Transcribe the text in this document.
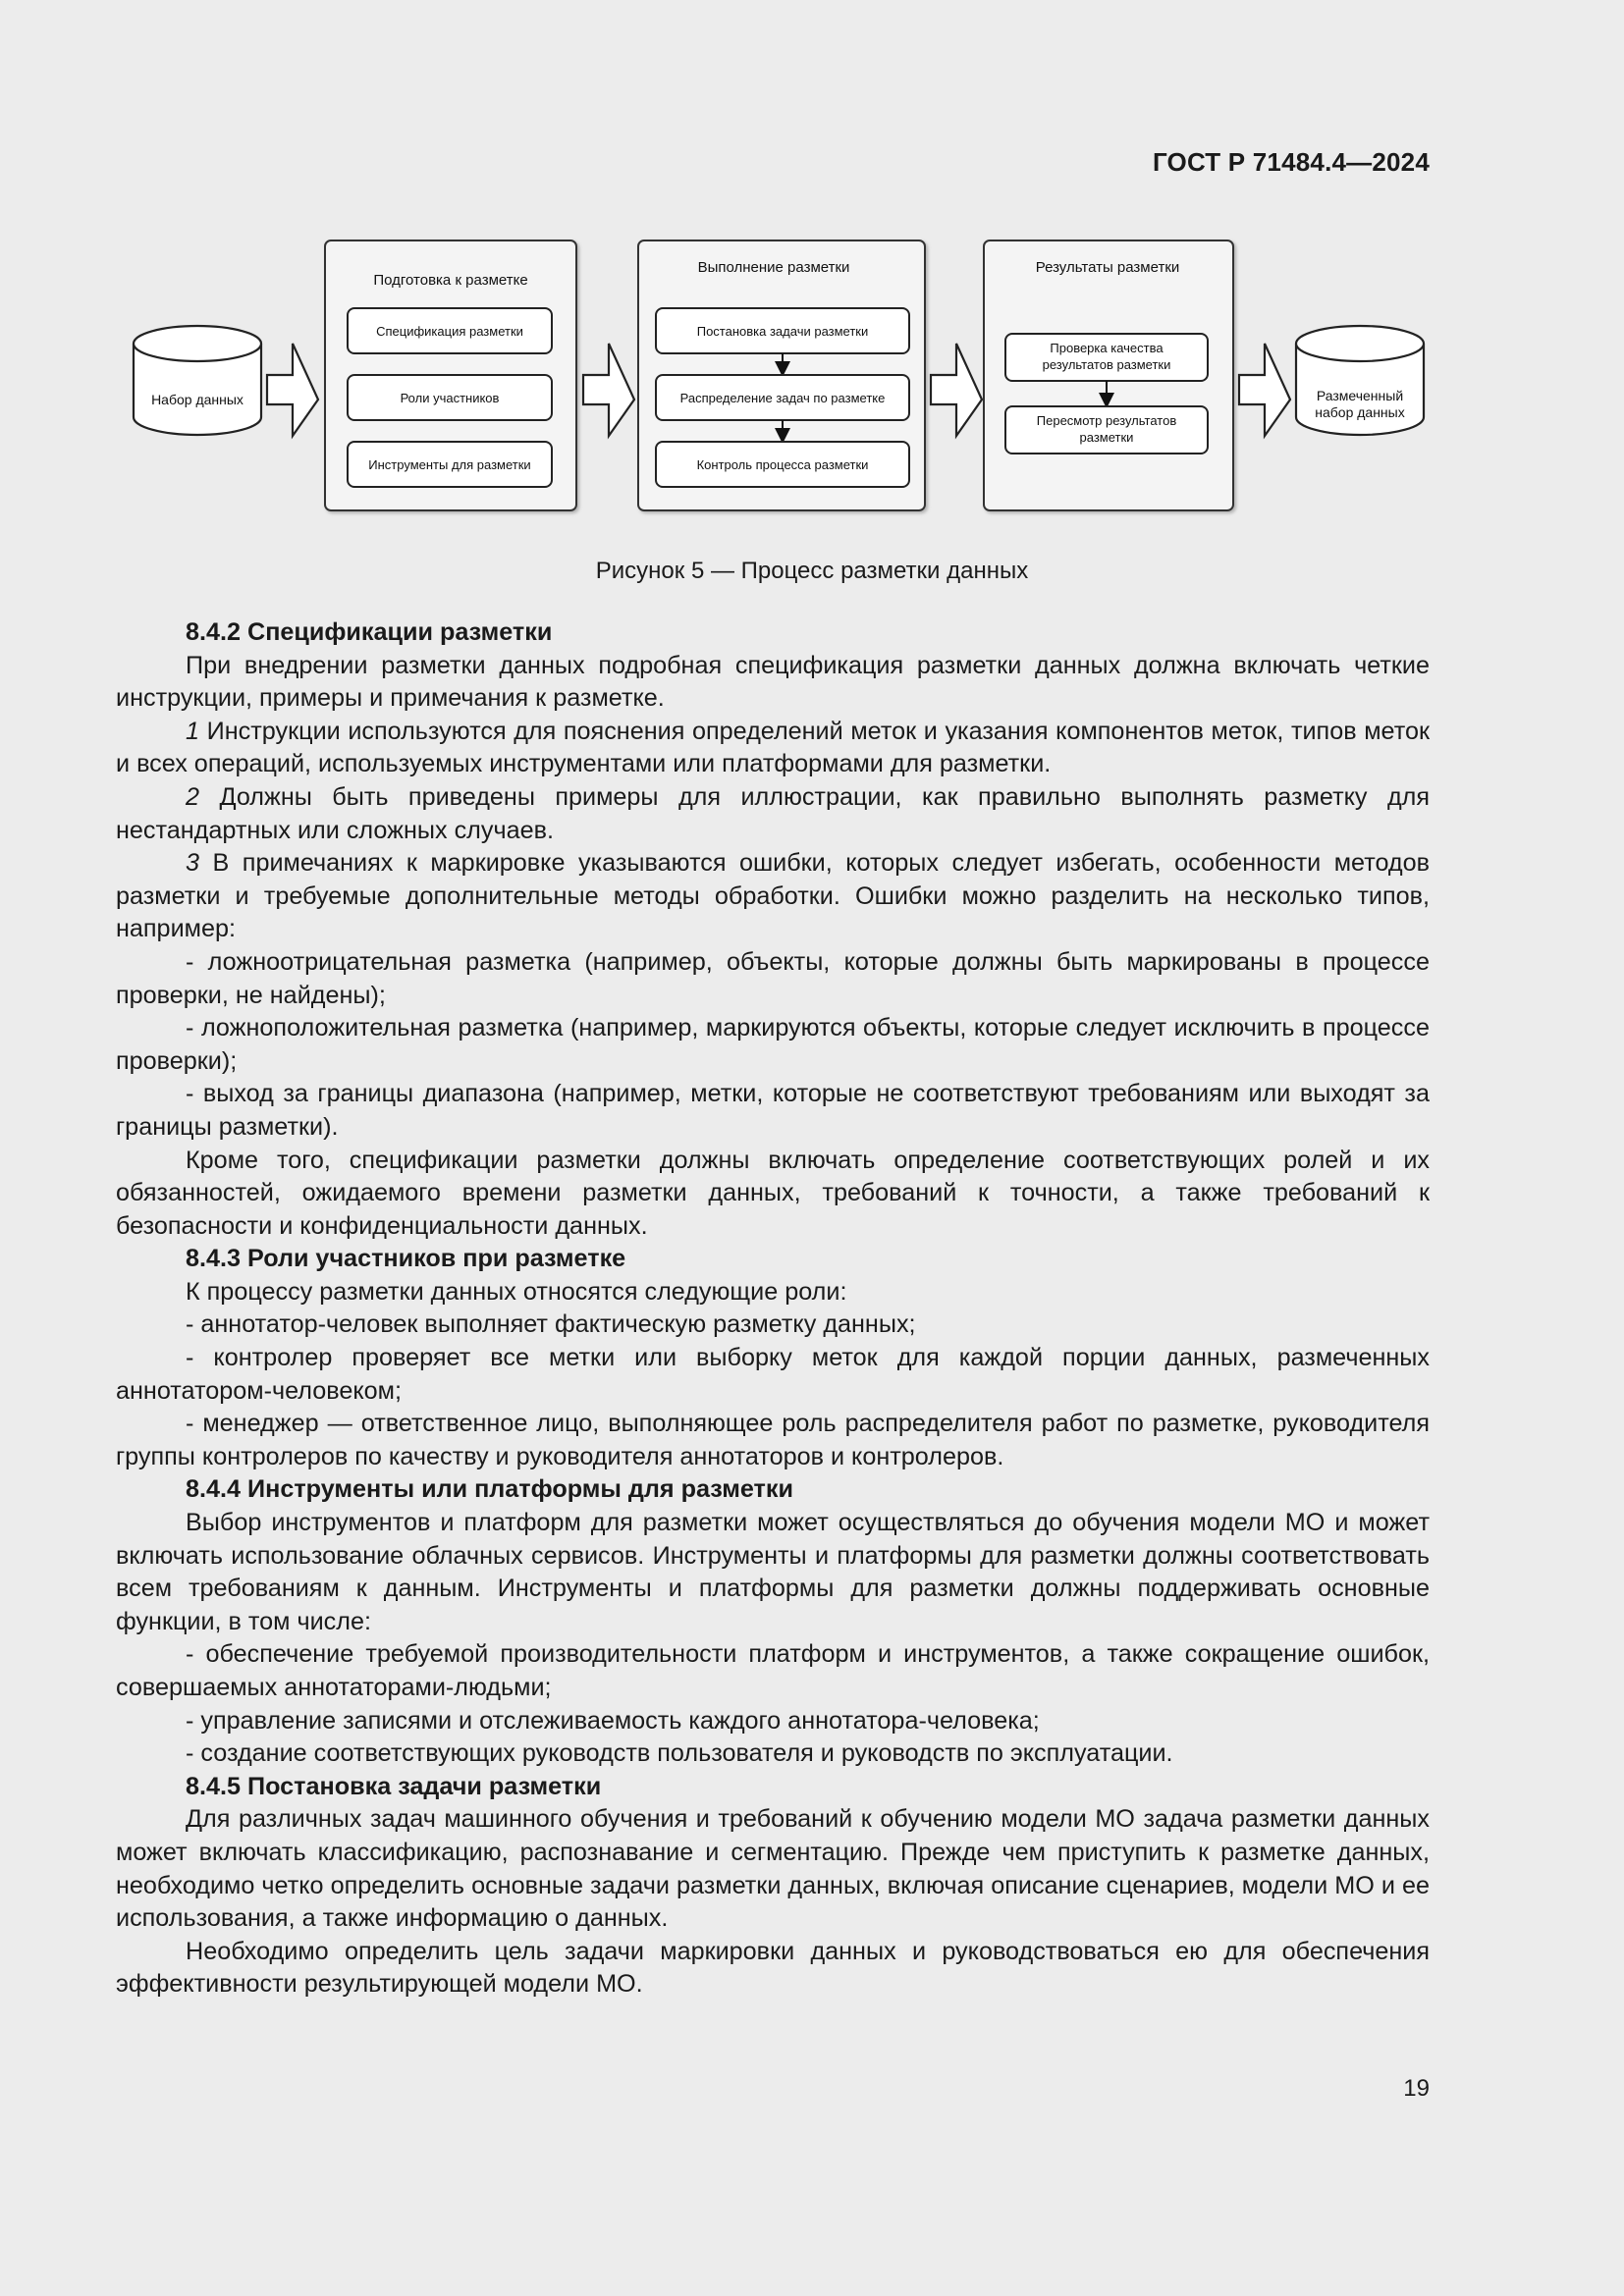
ГОСТ Р 71484.4—2024
Набор данных
Подготовка к разметке
Спецификация разметки
Роли участников
Инструменты для разметки
Выполнение разметки
Постановка задачи разметки
Распределение задач по разметке
Контроль процесса разметки
Результаты разметки
Проверка качества
результатов разметки
Пересмотр результатов
разметки
Размеченный
набор данных
Рисунок 5 — Процесс разметки данных

8.4.2 Спецификации разметки

При внедрении разметки данных подробная спецификация разметки данных должна включать четкие инструкции, примеры и примечания к разметке.

1 Инструкции используются для пояснения определений меток и указания компонентов меток, типов меток и всех операций, используемых инструментами или платформами для разметки.

2 Должны быть приведены примеры для иллюстрации, как правильно выполнять разметку для нестандартных или сложных случаев.

3 В примечаниях к маркировке указываются ошибки, которых следует избегать, особенности методов разметки и требуемые дополнительные методы обработки. Ошибки можно разделить на несколько типов, например:

- ложноотрицательная разметка (например, объекты, которые должны быть маркированы в процессе проверки, не найдены);

- ложноположительная разметка (например, маркируются объекты, которые следует исключить в процессе проверки);

- выход за границы диапазона (например, метки, которые не соответствуют требованиям или выходят за границы разметки).

Кроме того, спецификации разметки должны включать определение соответствующих ролей и их обязанностей, ожидаемого времени разметки данных, требований к точности, а также требований к безопасности и конфиденциальности данных.

8.4.3 Роли участников при разметке

К процессу разметки данных относятся следующие роли:

- аннотатор-человек выполняет фактическую разметку данных;

- контролер проверяет все метки или выборку меток для каждой порции данных, размеченных аннотатором-человеком;

- менеджер — ответственное лицо, выполняющее роль распределителя работ по разметке, руководителя группы контролеров по качеству и руководителя аннотаторов и контролеров.

8.4.4 Инструменты или платформы для разметки

Выбор инструментов и платформ для разметки может осуществляться до обучения модели МО и может включать использование облачных сервисов. Инструменты и платформы для разметки должны соответствовать всем требованиям к данным. Инструменты и платформы для разметки должны поддерживать основные функции, в том числе:

- обеспечение требуемой производительности платформ и инструментов, а также сокращение ошибок, совершаемых аннотаторами-людьми;

- управление записями и отслеживаемость каждого аннотатора-человека;

- создание соответствующих руководств пользователя и руководств по эксплуатации.

8.4.5 Постановка задачи разметки

Для различных задач машинного обучения и требований к обучению модели МО задача разметки данных может включать классификацию, распознавание и сегментацию. Прежде чем приступить к разметке данных, необходимо четко определить основные задачи разметки данных, включая описание сценариев, модели МО и ее использования, а также информацию о данных.

Необходимо определить цель задачи маркировки данных и руководствоваться ею для обеспечения эффективности результирующей модели МО.

19
